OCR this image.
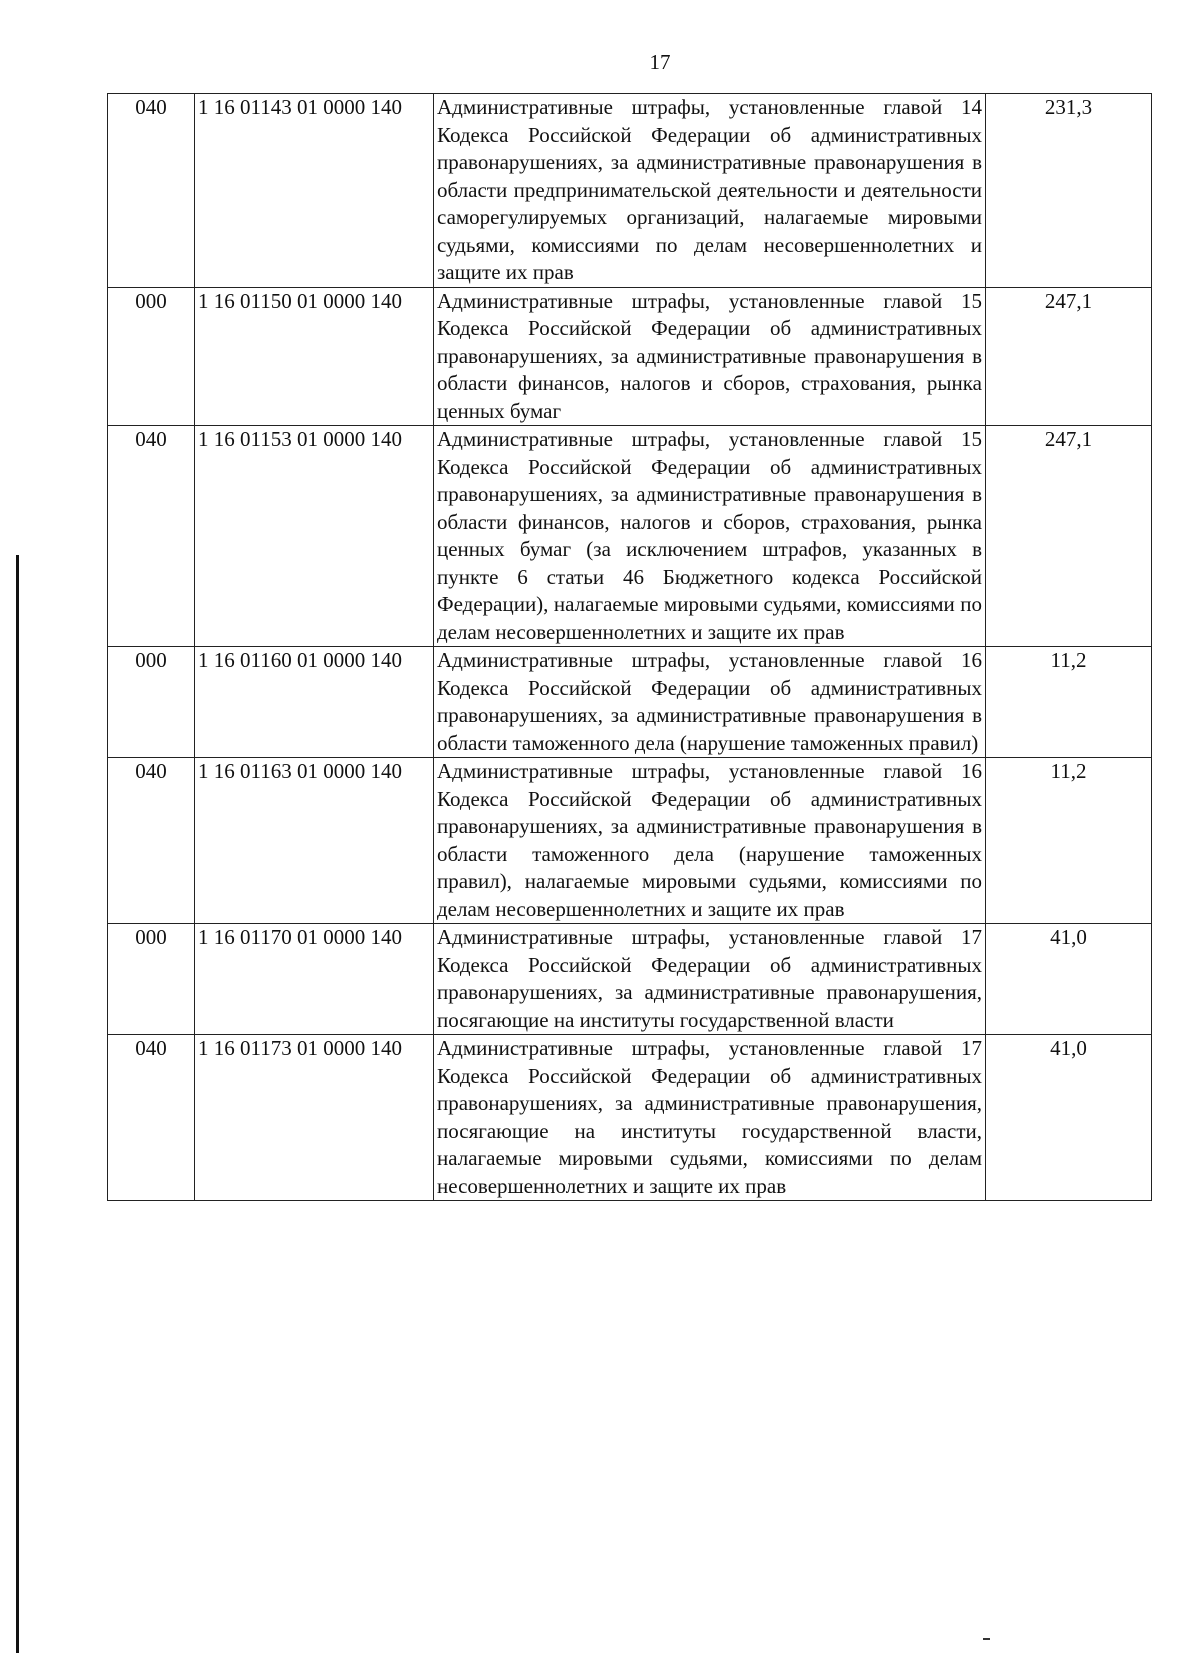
17
040	1 16 01143 01 0000 140	Административные штрафы, установленные главой 14 Кодекса Российской Федерации об административных правонарушениях, за административные правонарушения в области предпринимательской деятельности и деятельности саморегулируемых организаций, налагаемые мировыми судьями, комиссиями по делам несовершеннолетних и защите их прав	231,3
000	1 16 01150 01 0000 140	Административные штрафы, установленные главой 15 Кодекса Российской Федерации об административных правонарушениях, за административные правонарушения в области финансов, налогов и сборов, страхования, рынка ценных бумаг	247,1
040	1 16 01153 01 0000 140	Административные штрафы, установленные главой 15 Кодекса Российской Федерации об административных правонарушениях, за административные правонарушения в области финансов, налогов и сборов, страхования, рынка ценных бумаг (за исключением штрафов, указанных в пункте 6 статьи 46 Бюджетного кодекса Российской Федерации), налагаемые мировыми судьями, комиссиями по делам несовершеннолетних и защите их прав	247,1
000	1 16 01160 01 0000 140	Административные штрафы, установленные главой 16 Кодекса Российской Федерации об административных правонарушениях, за административные правонарушения в области таможенного дела (нарушение таможенных правил)	11,2
040	1 16 01163 01 0000 140	Административные штрафы, установленные главой 16 Кодекса Российской Федерации об административных правонарушениях, за административные правонарушения в области таможенного дела (нарушение таможенных правил), налагаемые мировыми судьями, комиссиями по делам несовершеннолетних и защите их прав	11,2
000	1 16 01170 01 0000 140	Административные штрафы, установленные главой 17 Кодекса Российской Федерации об административных правонарушениях, за административные правонарушения, посягающие на институты государственной власти	41,0
040	1 16 01173 01 0000 140	Административные штрафы, установленные главой 17 Кодекса Российской Федерации об административных правонарушениях, за административные правонарушения, посягающие на институты государственной власти, налагаемые мировыми судьями, комиссиями по делам несовершеннолетних и защите их прав	41,0
